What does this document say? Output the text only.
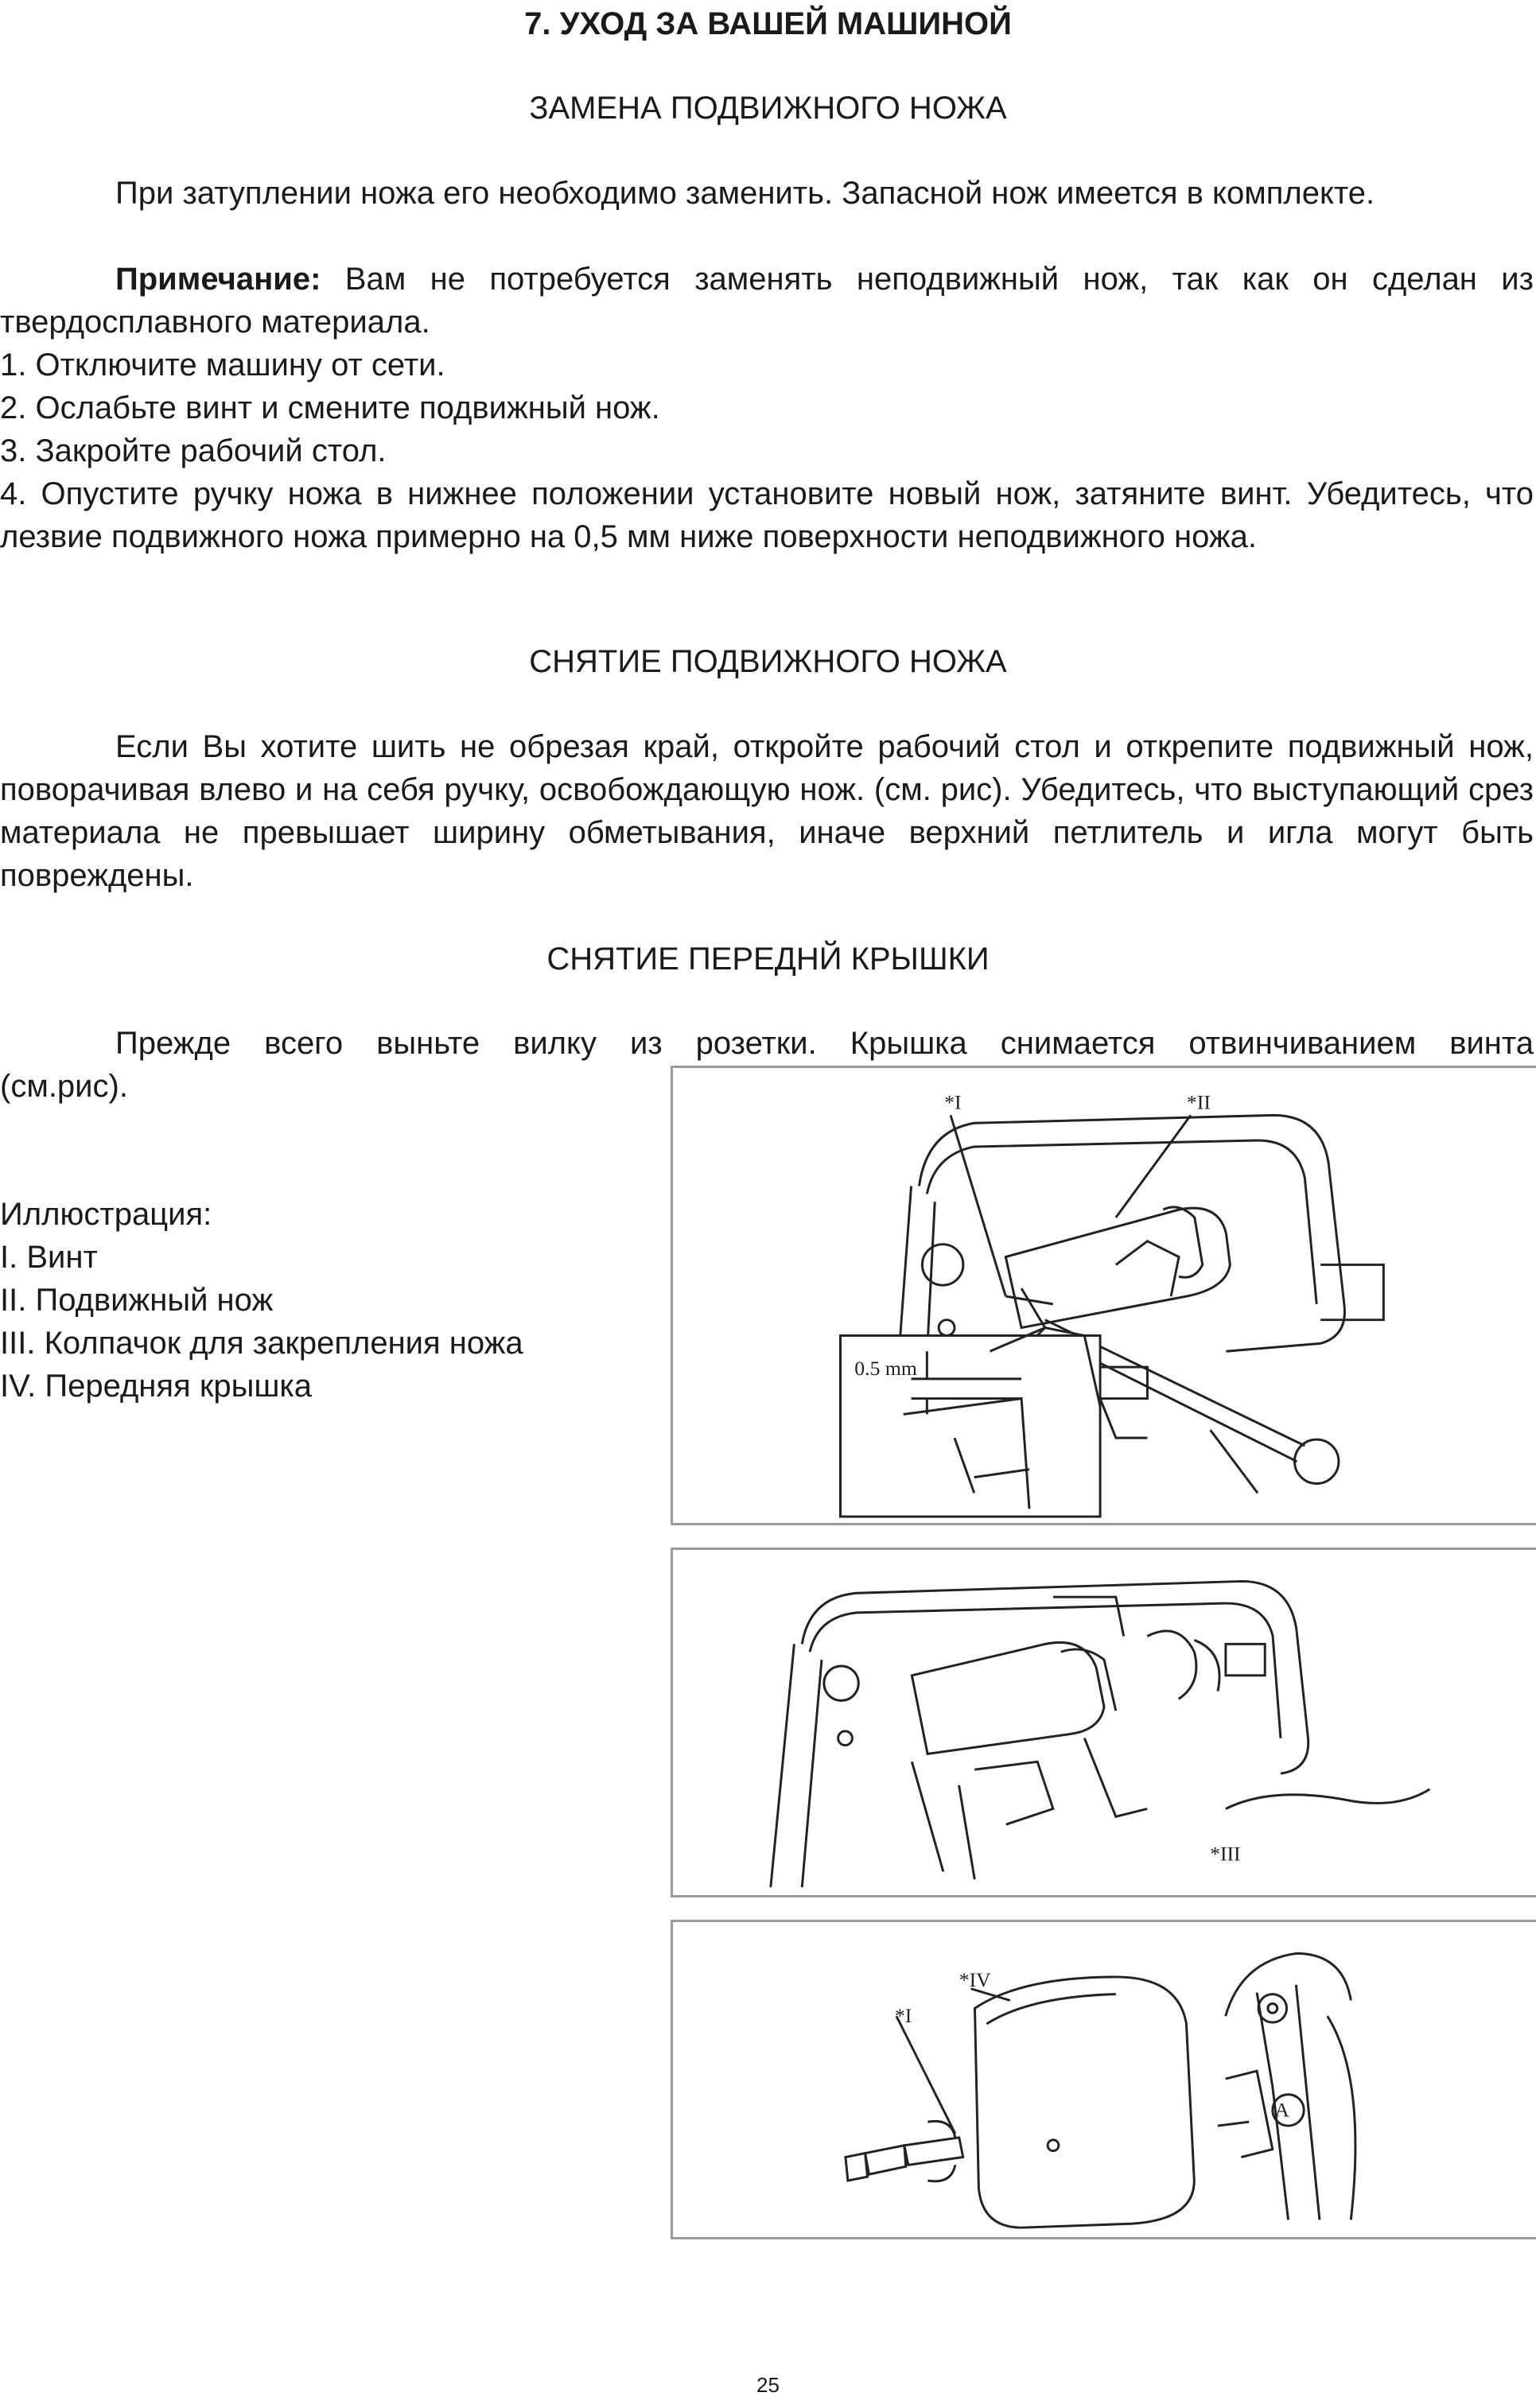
7. УХОД ЗА ВАШЕЙ МАШИНОЙ
ЗАМЕНА ПОДВИЖНОГО НОЖА
При затуплении ножа его необходимо заменить. Запасной нож имеется в комплекте.
Примечание: Вам не потребуется заменять неподвижный нож, так как он сделан из твердосплавного материала.
1. Отключите машину от сети.
2. Ослабьте винт и смените подвижный нож.
3. Закройте рабочий стол.
4. Опустите ручку ножа в нижнее положении установите новый нож, затяните винт. Убедитесь, что лезвие подвижного ножа примерно на 0,5 мм ниже поверхности неподвижного ножа.
СНЯТИЕ ПОДВИЖНОГО НОЖА
Если Вы хотите шить не обрезая край, откройте рабочий стол и открепите подвижный нож, поворачивая влево и на себя ручку, освобождающую нож. (см. рис). Убедитесь, что выступающий срез материала не превышает ширину обметывания, иначе верхний петлитель и игла могут быть повреждены.
СНЯТИЕ ПЕРЕДНЙ КРЫШКИ
Прежде всего выньте вилку из розетки. Крышка снимается отвинчиванием винта
(см.рис).
Иллюстрация:
I. Винт
II. Подвижный нож
III. Колпачок для закрепления ножа
IV. Передняя крышка
0.5 mm
*I	*II
*III
A
*IV
*I
25
